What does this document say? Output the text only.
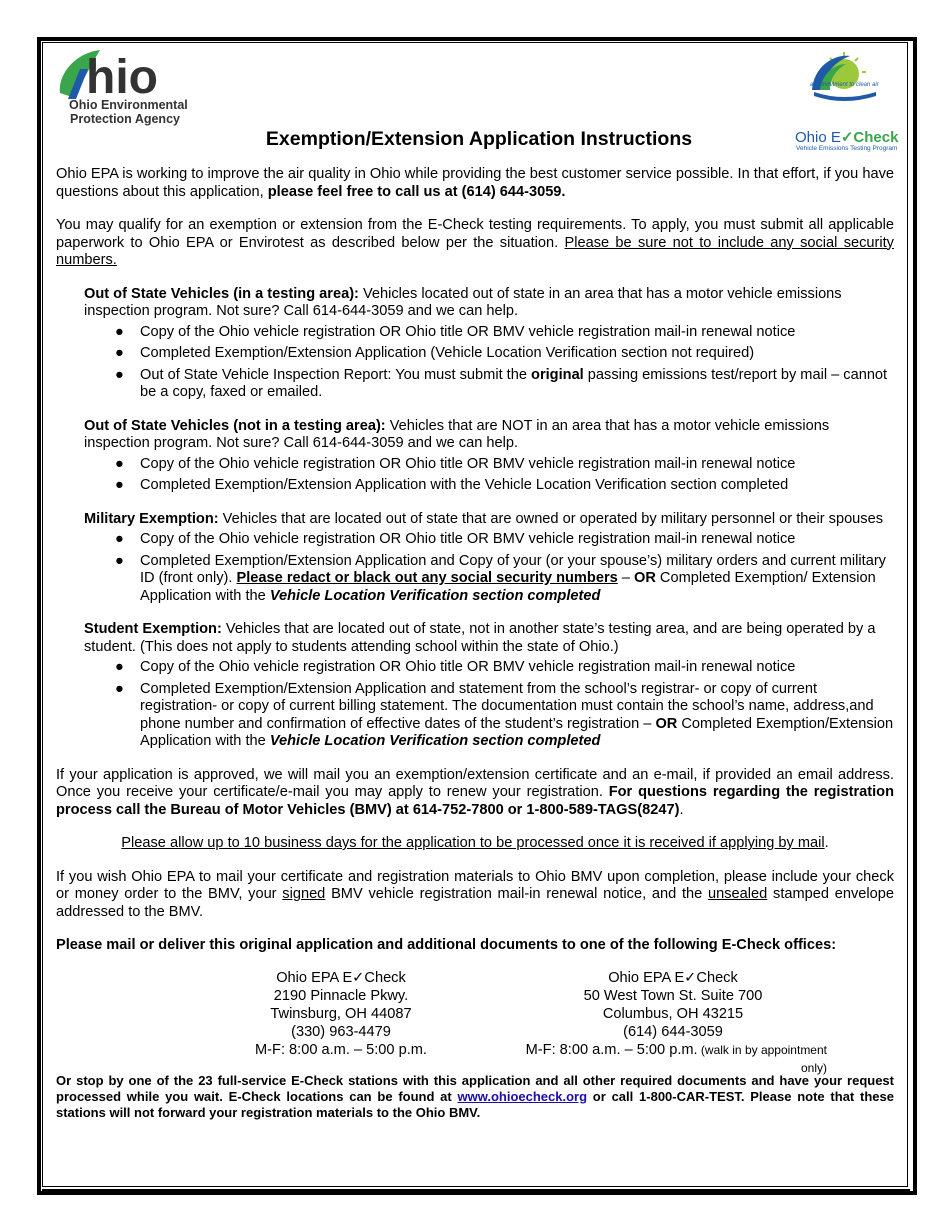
hio
Ohio Environmental
Protection Agency
a commitment to clean air
Ohio E✓Check
Vehicle Emissions Testing Program
Exemption/Extension Application Instructions

Ohio EPA is working to improve the air quality in Ohio while providing the best customer service possible. In that effort, if you have questions about this application, please feel free to call us at (614) 644-3059.

You may qualify for an exemption or extension from the E-Check testing requirements. To apply, you must submit all applicable paperwork to Ohio EPA or Envirotest as described below per the situation. Please be sure not to include any social security numbers.

Out of State Vehicles (in a testing area): Vehicles located out of state in an area that has a motor vehicle emissions inspection program. Not sure? Call 614-644-3059 and we can help.

● Copy of the Ohio vehicle registration OR Ohio title OR BMV vehicle registration mail-in renewal notice
● Completed Exemption/Extension Application (Vehicle Location Verification section not required)
● Out of State Vehicle Inspection Report: You must submit the original passing emissions test/report by mail – cannot be a copy, faxed or emailed.

Out of State Vehicles (not in a testing area): Vehicles that are NOT in an area that has a motor vehicle emissions inspection program. Not sure? Call 614-644-3059 and we can help.

● Copy of the Ohio vehicle registration OR Ohio title OR BMV vehicle registration mail-in renewal notice
● Completed Exemption/Extension Application with the Vehicle Location Verification section completed

Military Exemption: Vehicles that are located out of state that are owned or operated by military personnel or their spouses

● Copy of the Ohio vehicle registration OR Ohio title OR BMV vehicle registration mail-in renewal notice
● Completed Exemption/Extension Application and Copy of your (or your spouse’s) military orders and current military ID (front only). Please redact or black out any social security numbers – OR Completed Exemption/ Extension Application with the Vehicle Location Verification section completed

Student Exemption: Vehicles that are located out of state, not in another state’s testing area, and are being operated by a student. (This does not apply to students attending school within the state of Ohio.)

● Copy of the Ohio vehicle registration OR Ohio title OR BMV vehicle registration mail-in renewal notice
● Completed Exemption/Extension Application and statement from the school’s registrar- or copy of current registration- or copy of current billing statement. The documentation must contain the school’s name, address,and phone number and confirmation of effective dates of the student’s registration – OR Completed Exemption/Extension Application with the Vehicle Location Verification section completed

If your application is approved, we will mail you an exemption/extension certificate and an e-mail, if provided an email address. Once you receive your certificate/e-mail you may apply to renew your registration. For questions regarding the registration process call the Bureau of Motor Vehicles (BMV) at 614-752-7800 or 1-800-589-TAGS(8247).

Please allow up to 10 business days for the application to be processed once it is received if applying by mail.

If you wish Ohio EPA to mail your certificate and registration materials to Ohio BMV upon completion, please include your check or money order to the BMV, your signed BMV vehicle registration mail-in renewal notice, and the unsealed stamped envelope addressed to the BMV.

Please mail or deliver this original application and additional documents to one of the following E-Check offices:

Ohio EPA E✓Check
2190 Pinnacle Pkwy.
Twinsburg, OH 44087
(330) 963-4479
M-F: 8:00 a.m. – 5:00 p.m.
Ohio EPA E✓Check
50 West Town St. Suite 700
Columbus, OH 43215
(614) 644-3059
M-F: 8:00 a.m. – 5:00 p.m. (walk in by appointment only)

Or stop by one of the 23 full-service E-Check stations with this application and all other required documents and have your request processed while you wait. E-Check locations can be found at www.ohioecheck.org or call 1-800-CAR-TEST. Please note that these stations will not forward your registration materials to the Ohio BMV.
